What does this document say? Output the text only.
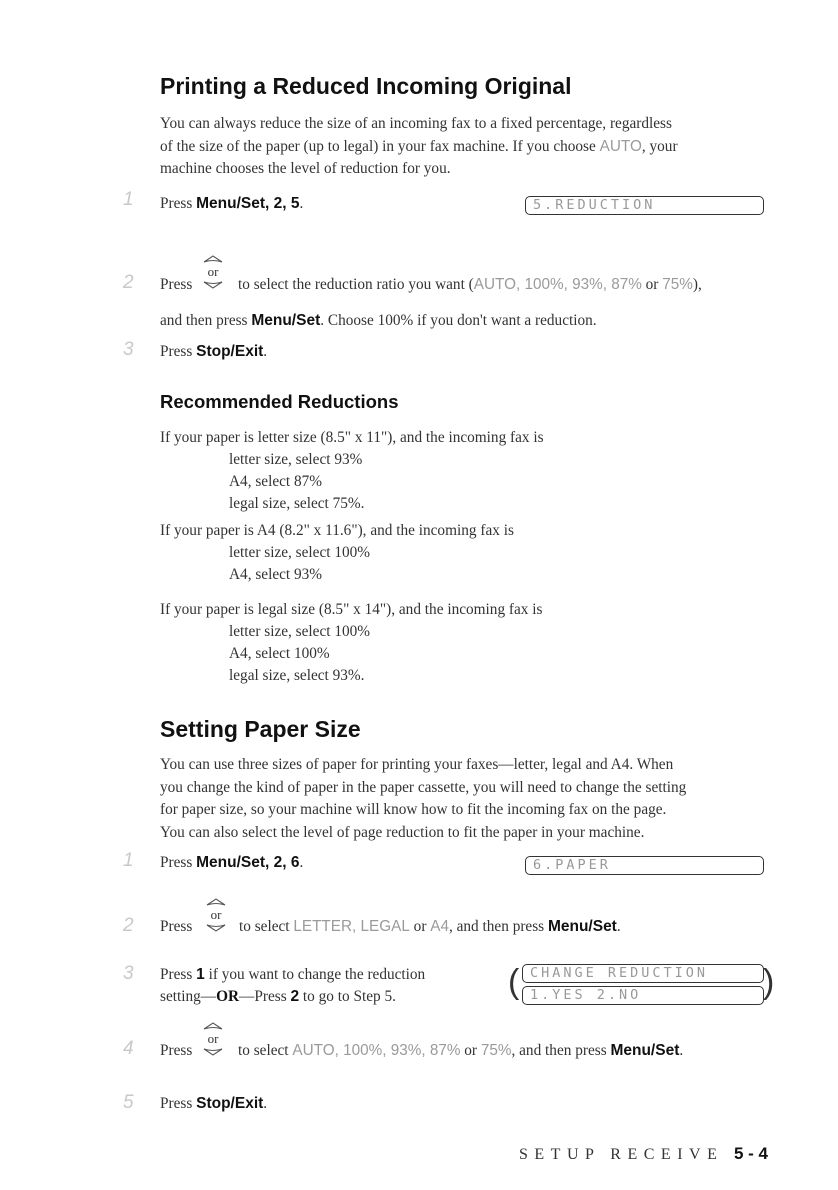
Printing a Reduced Incoming Original
You can always reduce the size of an incoming fax to a fixed percentage, regardless
of the size of the paper (up to legal) in your fax machine. If you choose AUTO, your
machine chooses the level of reduction for you.
1	Press Menu/Set, 2, 5.	5.REDUCTION
2	Press
or
to select the reduction ratio you want (AUTO, 100%, 93%, 87% or 75%),
and then press Menu/Set. Choose 100% if you don't want a reduction.
3	Press Stop/Exit.
Recommended Reductions
If your paper is letter size (8.5" x 11"), and the incoming fax is
letter size, select 93%
A4, select 87%
legal size, select 75%.
If your paper is A4 (8.2" x 11.6"), and the incoming fax is
letter size, select 100%
A4, select 93%
If your paper is legal size (8.5" x 14"), and the incoming fax is
letter size, select 100%
A4, select 100%
legal size, select 93%.
Setting Paper Size
You can use three sizes of paper for printing your faxes—letter, legal and A4. When
you change the kind of paper in the paper cassette, you will need to change the setting
for paper size, so your machine will know how to fit the incoming fax on the page.
You can also select the level of page reduction to fit the paper in your machine.
1	Press Menu/Set, 2, 6.	6.PAPER
2	Press
or
to select LETTER, LEGAL or A4, and then press Menu/Set.
3	Press 1 if you want to change the reduction
setting—OR—Press 2 to go to Step 5.	( CHANGE REDUCTION
1.YES 2.NO	)
4	Press
or
to select AUTO, 100%, 93%, 87% or 75%, and then press Menu/Set.
5	Press Stop/Exit.
SETUP RECEIVE 5 - 4
